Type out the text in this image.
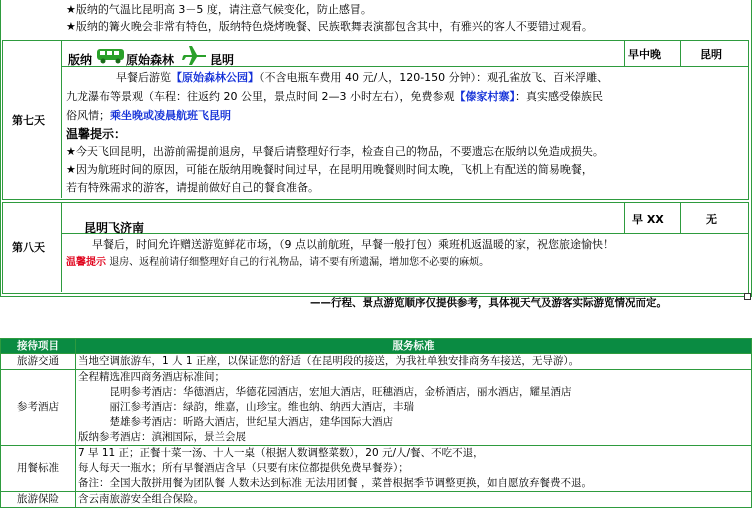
★版纳的气温比昆明高 3－5 度，请注意气候变化，防止感冒。
★版纳的篝火晚会非常有特色，版纳特色烧烤晚餐、民族歌舞表演都包含其中，有雅兴的客人不要错过观看。
第七天
版纳	原始森林	昆明	早中晚	昆明
早餐后游览【原始森林公园】（不含电瓶车费用 40 元/人，120-150 分钟）：观孔雀放飞、百米浮雕、
九龙瀑布等景观（车程：往返约 20 公里，景点时间 2—3 小时左右），免费参观【傣家村寨】：真实感受傣族民
俗风情；乘坐晚或凌晨航班飞昆明
温馨提示：
★今天飞回昆明，出游前需提前退房，早餐后请整理好行李，检查自己的物品，不要遗忘在版纳以免造成损失。
★因为航班时间的原因，可能在版纳用晚餐时间过早，在昆明用晚餐则时间太晚，飞机上有配送的简易晚餐，
若有特殊需求的游客，请提前做好自己的餐食准备。
第八天
昆明飞济南
早 XX	无
早餐后，时间允许赠送游览鲜花市场，（9 点以前航班，早餐一般打包）乘班机返温暖的家，祝您旅途愉快！
温馨提示 退房、返程前请仔细整理好自己的行礼物品，请不要有所遗漏，增加您不必要的麻烦。
——行程、景点游览顺序仅提供参考，具体视天气及游客实际游览情况而定。
接待项目	服务标准
旅游交通	当地空调旅游车，1 人 1 正座，以保证您的舒适（在昆明段的接送，为我社单独安排商务车接送，无导游）。

参考酒店	全程精选准四商务酒店标准间；
　　　昆明参考酒店：华德酒店，华德花园酒店，宏旭大酒店，旺穗酒店，金桥酒店，丽水酒店，耀星酒店
　　　丽江参考酒店：绿韵，维嘉，山珍宝。维也纳、纳西大酒店，丰瑞
　　　楚雄参考酒店：昕路大酒店，世纪星大酒店，建华国际大酒店
版纳参考酒店：滇湘国际，景兰会展

用餐标准	7 早 11 正；正餐十菜一汤、十人一桌（根据人数调整菜数），20 元/人/餐、不吃不退，
每人每天一瓶水；所有早餐酒店含早（只要有床位都提供免费早餐券）；
备注：全国大散拼用餐为团队餐 人数未达到标准 无法用团餐 ，菜普根据季节调整更换，如自愿放弃餐费不退。

旅游保险	含云南旅游安全组合保险。
